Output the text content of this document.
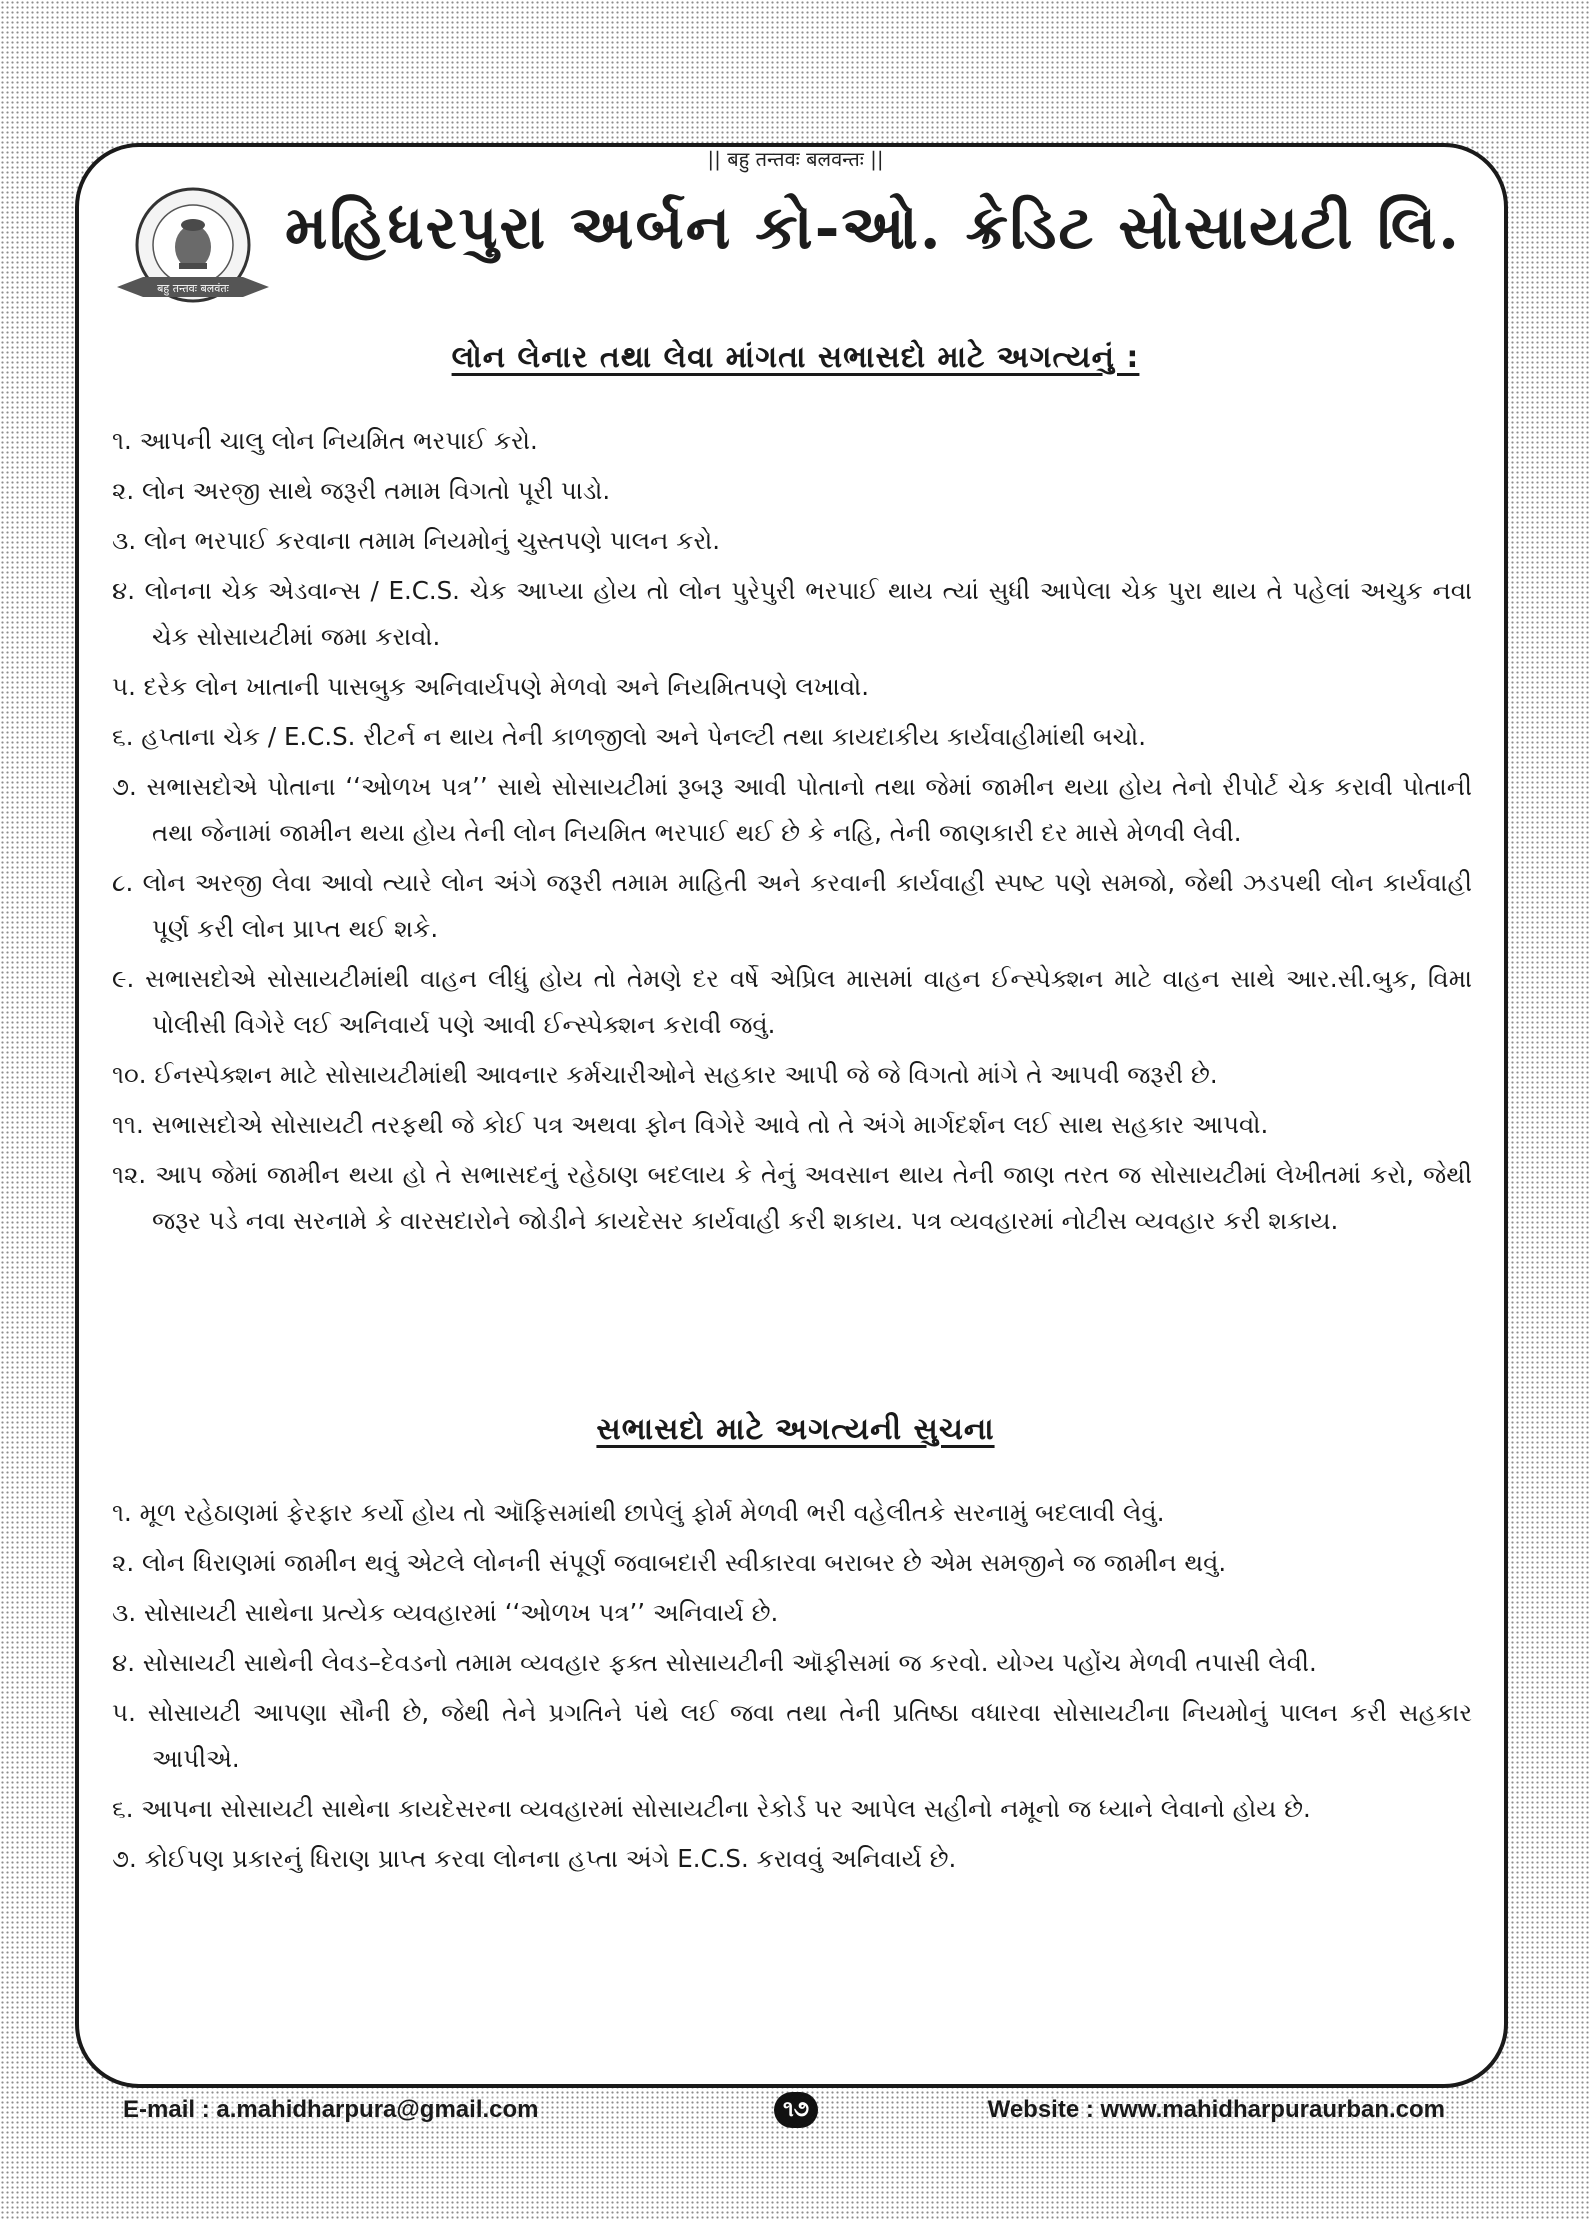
|| बहु तन्तवः बलवन्तः ||
बहु तन्तवः बलवंतः
મહિધરપુરા અર્બન કો-ઓ. ક્રેડિટ સોસાયટી લિ.
લોન લેનાર તથા લેવા માંગતા સભાસદો માટે અગત્યનું :
૧. આપની ચાલુ લોન નિયમિત ભરપાઈ કરો.
૨. લોન અરજી સાથે જરૂરી તમામ વિગતો પૂરી પાડો.
૩. લોન ભરપાઈ કરવાના તમામ નિયમોનું ચુસ્તપણે પાલન કરો.
૪. લોનના ચેક એડવાન્સ / E.C.S. ચેક આપ્યા હોય તો લોન પુરેપુરી ભરપાઈ થાય ત્યાં સુધી આપેલા ચેક પુરા થાય તે પહેલાં અચુક નવા ચેક સોસાયટીમાં જમા કરાવો.
૫. દરેક લોન ખાતાની પાસબુક અનિવાર્યપણે મેળવો અને નિયમિતપણે લખાવો.
૬. હપ્તાના ચેક / E.C.S. રીટર્ન ન થાય તેની કાળજીલો અને પેનલ્ટી તથા કાયદાકીય કાર્યવાહીમાંથી બચો.
૭. સભાસદોએ પોતાના ‘‘ઓળખ પત્ર’’ સાથે સોસાયટીમાં રૂબરૂ આવી પોતાનો તથા જેમાં જામીન થયા હોય તેનો રીપોર્ટ ચેક કરાવી પોતાની તથા જેનામાં જામીન થયા હોય તેની લોન નિયમિત ભરપાઈ થઈ છે કે નહિ, તેની જાણકારી દર માસે મેળવી લેવી.
૮. લોન અરજી લેવા આવો ત્યારે લોન અંગે જરૂરી તમામ માહિતી અને કરવાની કાર્યવાહી સ્પષ્ટ પણે સમજો, જેથી ઝડપથી લોન કાર્યવાહી પૂર્ણ કરી લોન પ્રાપ્ત થઈ શકે.
૯. સભાસદોએ સોસાયટીમાંથી વાહન લીધું હોય તો તેમણે દર વર્ષે એપ્રિલ માસમાં વાહન ઈન્સ્પેક્શન માટે વાહન સાથે આર.સી.બુક, વિમા પોલીસી વિગેરે લઈ અનિવાર્ય પણે આવી ઈન્સ્પેક્શન કરાવી જવું.
૧૦. ઈનસ્પેક્શન માટે સોસાયટીમાંથી આવનાર કર્મચારીઓને સહકાર આપી જે જે વિગતો માંગે તે આપવી જરૂરી છે.
૧૧. સભાસદોએ સોસાયટી તરફથી જે કોઈ પત્ર અથવા ફોન વિગેરે આવે તો તે અંગે માર્ગદર્શન લઈ સાથ સહકાર આપવો.
૧૨. આપ જેમાં જામીન થયા હો તે સભાસદનું રહેઠાણ બદલાય કે તેનું અવસાન થાય તેની જાણ તરત જ સોસાયટીમાં લેખીતમાં કરો, જેથી જરૂર પડે નવા સરનામે કે વારસદારોને જોડીને કાયદેસર કાર્યવાહી કરી શકાય. પત્ર વ્યવહારમાં નોટીસ વ્યવહાર કરી શકાય.
સભાસદો માટે અગત્યની સુચના
૧. મૂળ રહેઠાણમાં ફેરફાર કર્યો હોય તો ઑફિસમાંથી છાપેલું ફોર્મ મેળવી ભરી વહેલીતકે સરનામું બદલાવી લેવું.
૨. લોન ધિરાણમાં જામીન થવું એટલે લોનની સંપૂર્ણ જવાબદારી સ્વીકારવા બરાબર છે એમ સમજીને જ જામીન થવું.
૩. સોસાયટી સાથેના પ્રત્યેક વ્યવહારમાં ‘‘ઓળખ પત્ર’’ અનિવાર્ય છે.
૪. સોસાયટી સાથેની લેવડ–દેવડનો તમામ વ્યવહાર ફક્ત સોસાયટીની ઑફીસમાં જ કરવો. યોગ્ય પહોંચ મેળવી તપાસી લેવી.
૫. સોસાયટી આપણા સૌની છે, જેથી તેને પ્રગતિને પંથે લઈ જવા તથા તેની પ્રતિષ્ઠા વધારવા સોસાયટીના નિયમોનું પાલન કરી સહકાર આપીએ.
૬. આપના સોસાયટી સાથેના કાયદેસરના વ્યવહારમાં સોસાયટીના રેકોર્ડ પર આપેલ સહીનો નમૂનો જ ધ્યાને લેવાનો હોય છે.
૭. કોઈપણ પ્રકારનું ધિરાણ પ્રાપ્ત કરવા લોનના હપ્તા અંગે E.C.S. કરાવવું અનિવાર્ય છે.
E-mail : a.mahidharpura@gmail.com	૧૭	Website : www.mahidharpuraurban.com
